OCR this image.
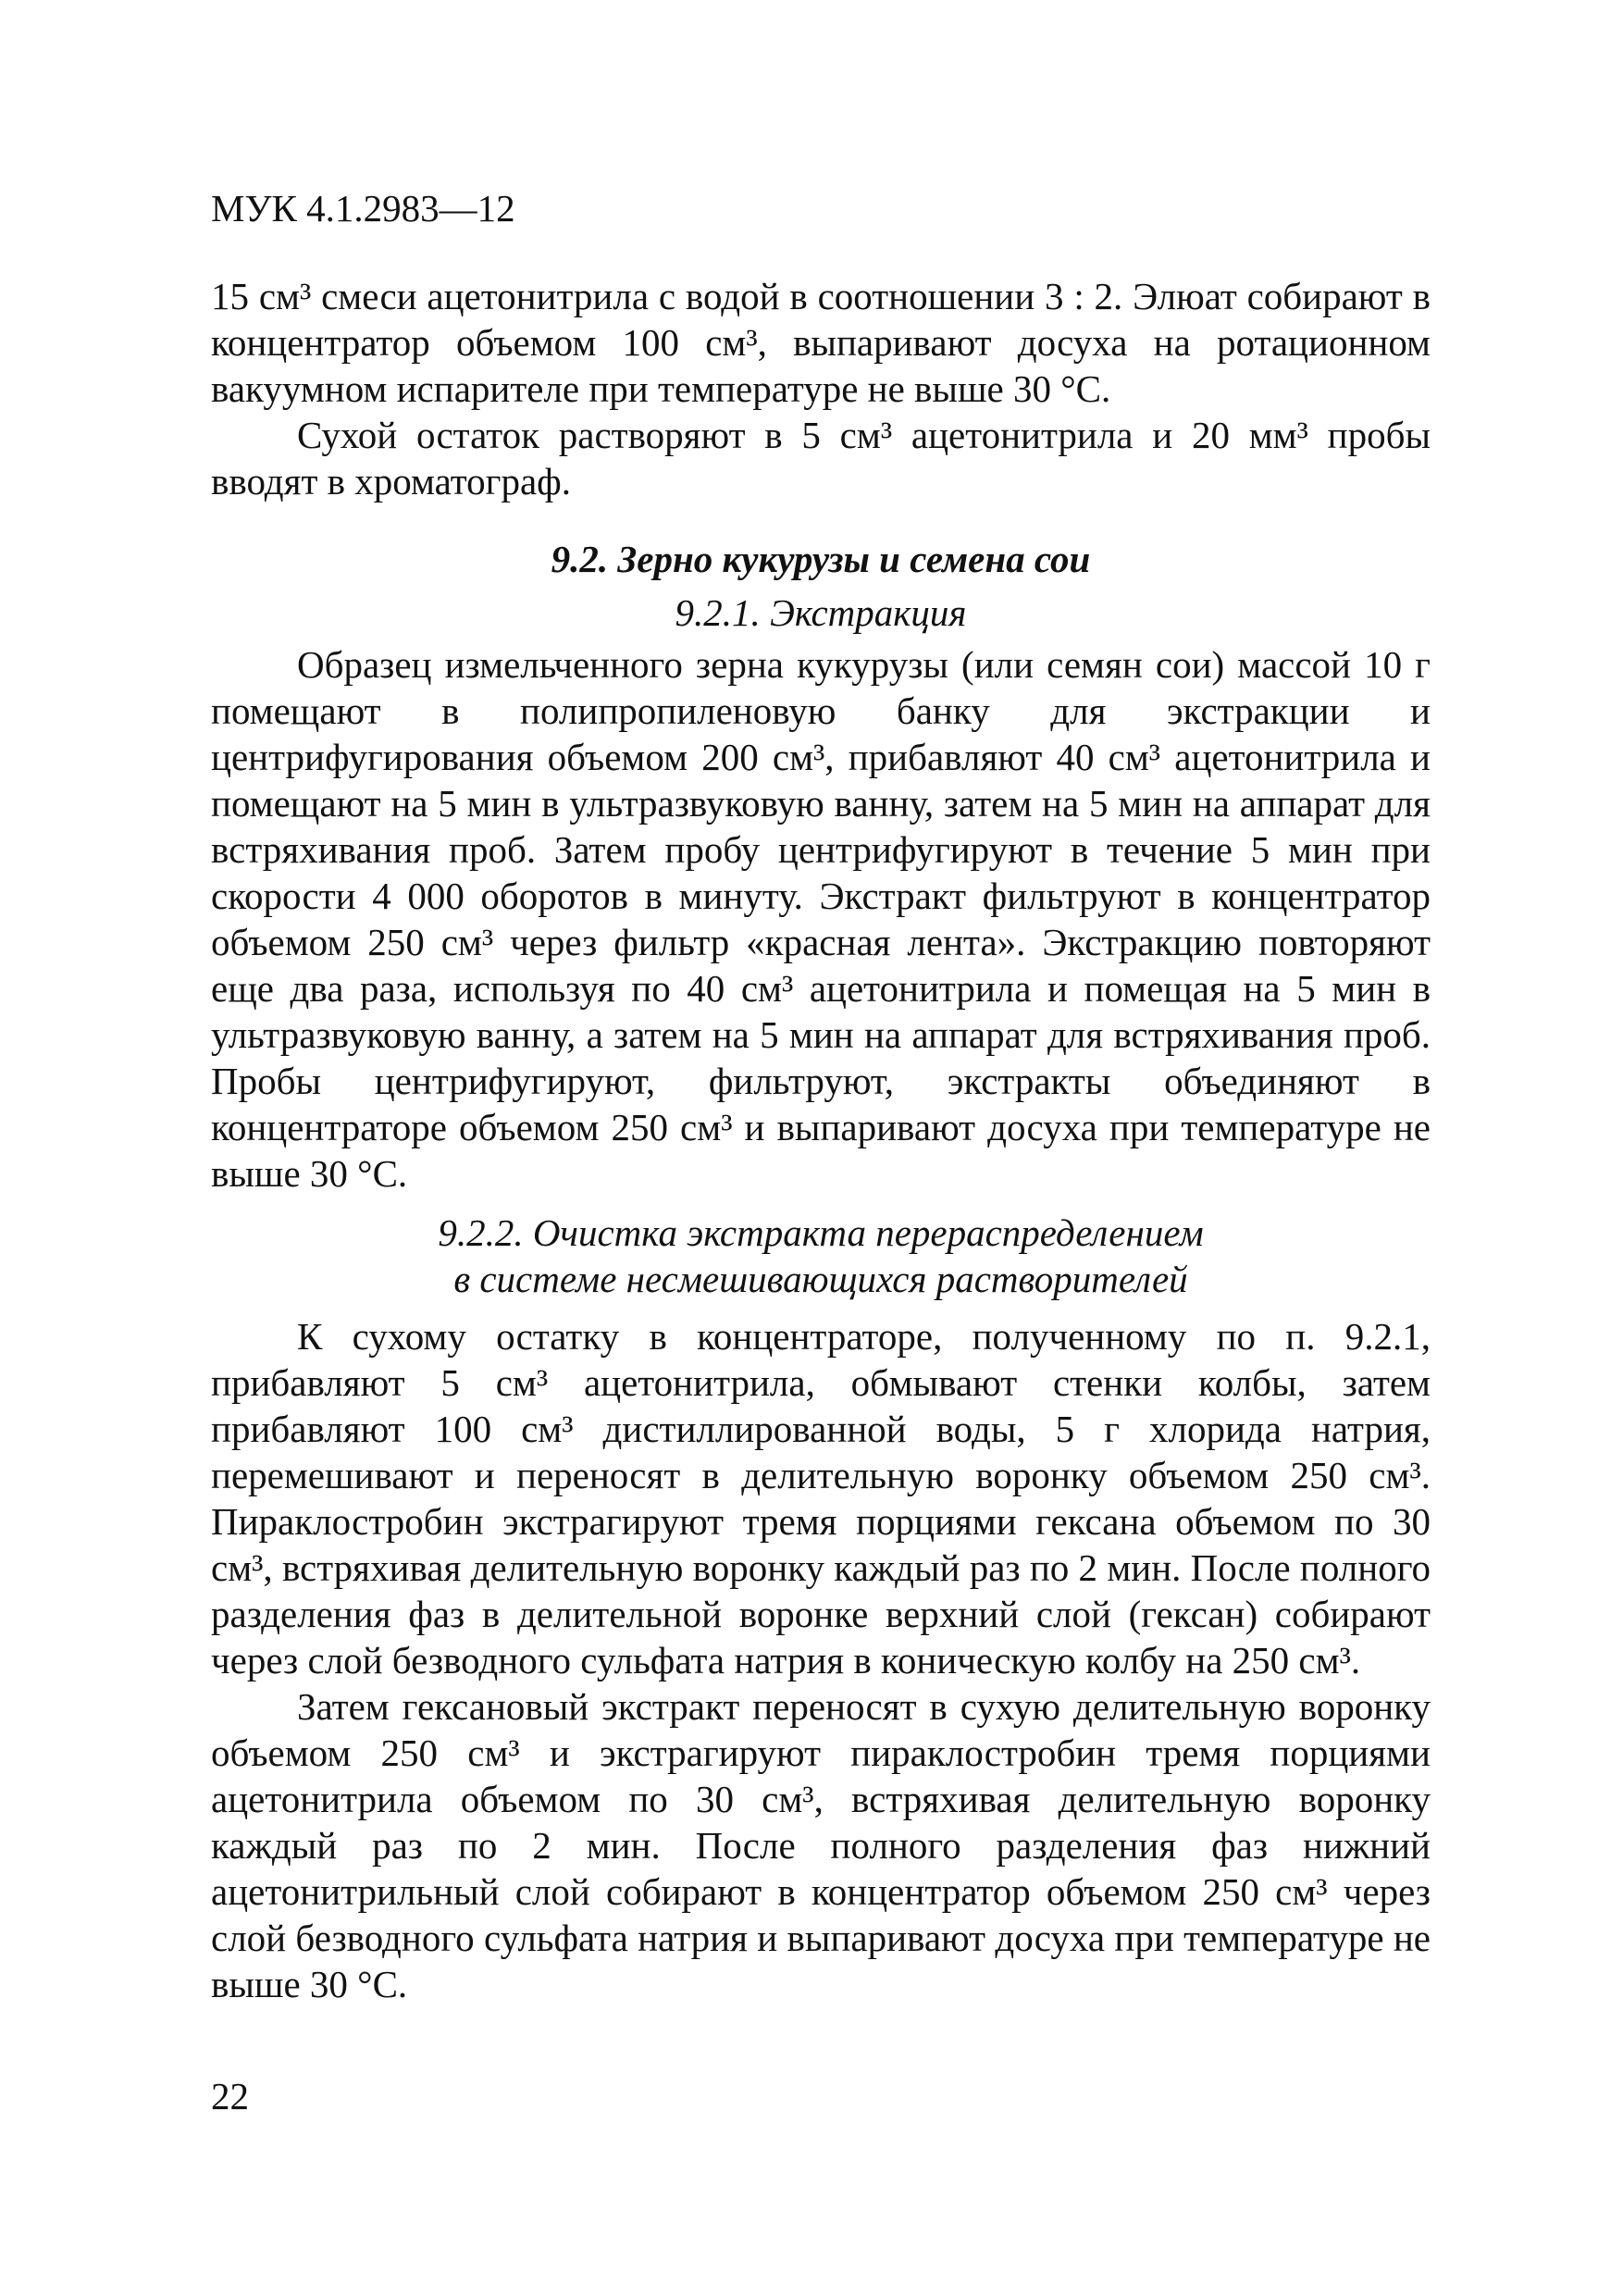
МУК 4.1.2983—12

15 см³ смеси ацетонитрила с водой в соотношении 3 : 2. Элюат собирают в концентратор объемом 100 см³, выпаривают досуха на ротационном вакуумном испарителе при температуре не выше 30 °С.

Сухой остаток растворяют в 5 см³ ацетонитрила и 20 мм³ пробы вводят в хроматограф.

9.2. Зерно кукурузы и семена сои
9.2.1. Экстракция

Образец измельченного зерна кукурузы (или семян сои) массой 10 г помещают в полипропиленовую банку для экстракции и центрифугирования объемом 200 см³, прибавляют 40 см³ ацетонитрила и помещают на 5 мин в ультразвуковую ванну, затем на 5 мин на аппарат для встряхивания проб. Затем пробу центрифугируют в течение 5 мин при скорости 4 000 оборотов в минуту. Экстракт фильтруют в концентратор объемом 250 см³ через фильтр «красная лента». Экстракцию повторяют еще два раза, используя по 40 см³ ацетонитрила и помещая на 5 мин в ультразвуковую ванну, а затем на 5 мин на аппарат для встряхивания проб. Пробы центрифугируют, фильтруют, экстракты объединяют в концентраторе объемом 250 см³ и выпаривают досуха при температуре не выше 30 °С.

9.2.2. Очистка экстракта перераспределением
в системе несмешивающихся растворителей

К сухому остатку в концентраторе, полученному по п. 9.2.1, прибавляют 5 см³ ацетонитрила, обмывают стенки колбы, затем прибавляют 100 см³ дистиллированной воды, 5 г хлорида натрия, перемешивают и переносят в делительную воронку объемом 250 см³. Пираклостробин экстрагируют тремя порциями гексана объемом по 30 см³, встряхивая делительную воронку каждый раз по 2 мин. После полного разделения фаз в делительной воронке верхний слой (гексан) собирают через слой безводного сульфата натрия в коническую колбу на 250 см³.

Затем гексановый экстракт переносят в сухую делительную воронку объемом 250 см³ и экстрагируют пираклостробин тремя порциями ацетонитрила объемом по 30 см³, встряхивая делительную воронку каждый раз по 2 мин. После полного разделения фаз нижний ацетонитрильный слой собирают в концентратор объемом 250 см³ через слой безводного сульфата натрия и выпаривают досуха при температуре не выше 30 °С.

22
